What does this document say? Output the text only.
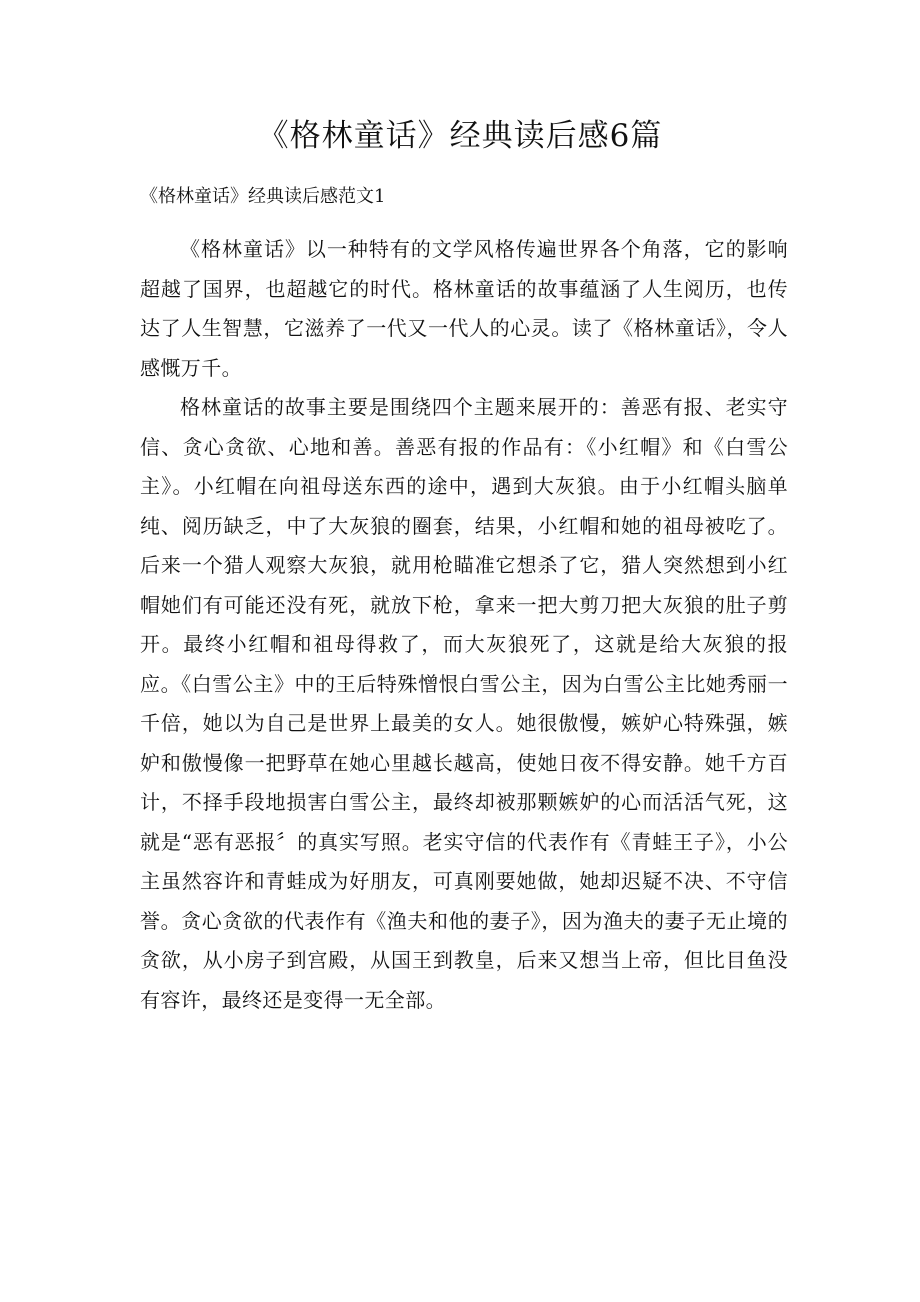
《格林童话》经典读后感6篇

《格林童话》经典读后感范文1

《格林童话》以一种特有的文学风格传遍世界各个角落，它的影响超越了国界，也超越它的时代。格林童话的故事蕴涵了人生阅历，也传达了人生智慧，它滋养了一代又一代人的心灵。读了《格林童话》，令人感慨万千。

格林童话的故事主要是围绕四个主题来展开的：善恶有报、老实守信、贪心贪欲、心地和善。善恶有报的作品有：《小红帽》和《白雪公主》。小红帽在向祖母送东西的途中，遇到大灰狼。由于小红帽头脑单纯、阅历缺乏，中了大灰狼的圈套，结果，小红帽和她的祖母被吃了。后来一个猎人观察大灰狼，就用枪瞄准它想杀了它，猎人突然想到小红帽她们有可能还没有死，就放下枪，拿来一把大剪刀把大灰狼的肚子剪开。最终小红帽和祖母得救了，而大灰狼死了，这就是给大灰狼的报应。《白雪公主》中的王后特殊憎恨白雪公主，因为白雪公主比她秀丽一千倍，她以为自己是世界上最美的女人。她很傲慢，嫉妒心特殊强，嫉妒和傲慢像一把野草在她心里越长越高，使她日夜不得安静。她千方百计，不择手段地损害白雪公主，最终却被那颗嫉妒的心而活活气死，这就是“恶有恶报〞的真实写照。老实守信的代表作有《青蛙王子》，小公主虽然容许和青蛙成为好朋友，可真刚要她做，她却迟疑不决、不守信誉。贪心贪欲的代表作有《渔夫和他的妻子》，因为渔夫的妻子无止境的贪欲，从小房子到宫殿，从国王到教皇，后来又想当上帝，但比目鱼没有容许，最终还是变得一无全部。
